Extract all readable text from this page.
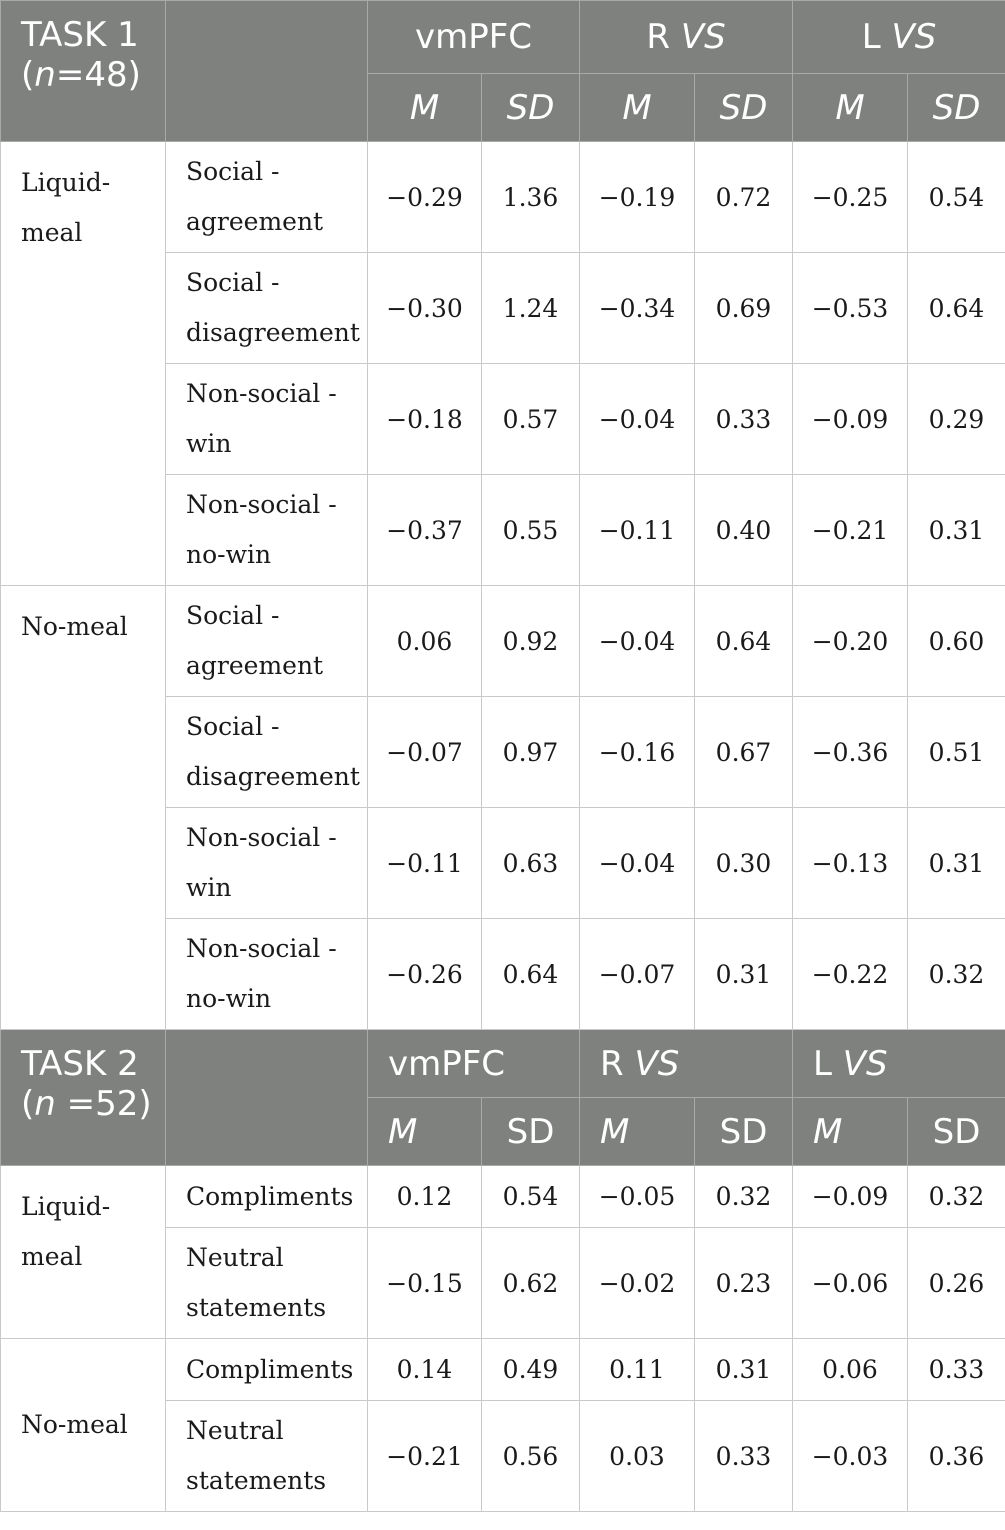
TASK 1
(n=48)		vmPFC		R VS		L VS	
		M	SD	M	SD	M	SD
Liquid-
meal	Social -
agreement	−0.29	1.36	−0.19	0.72	−0.25	0.54
	Social -
disagreement	−0.30	1.24	−0.34	0.69	−0.53	0.64
	Non-social -
win	−0.18	0.57	−0.04	0.33	−0.09	0.29
	Non-social -
no-win	−0.37	0.55	−0.11	0.40	−0.21	0.31
No-meal	Social -
agreement	0.06	0.92	−0.04	0.64	−0.20	0.60
	Social -
disagreement	−0.07	0.97	−0.16	0.67	−0.36	0.51
	Non-social -
win	−0.11	0.63	−0.04	0.30	−0.13	0.31
	Non-social -
no-win	−0.26	0.64	−0.07	0.31	−0.22	0.32
TASK 2
(n =52)		vmPFC		R VS		L VS	
		M	SD	M	SD	M	SD
Liquid-
meal	Compliments	0.12	0.54	−0.05	0.32	−0.09	0.32
	Neutral
statements	−0.15	0.62	−0.02	0.23	−0.06	0.26
No-meal	Compliments	0.14	0.49	0.11	0.31	0.06	0.33
	Neutral
statements	−0.21	0.56	0.03	0.33	−0.03	0.36
